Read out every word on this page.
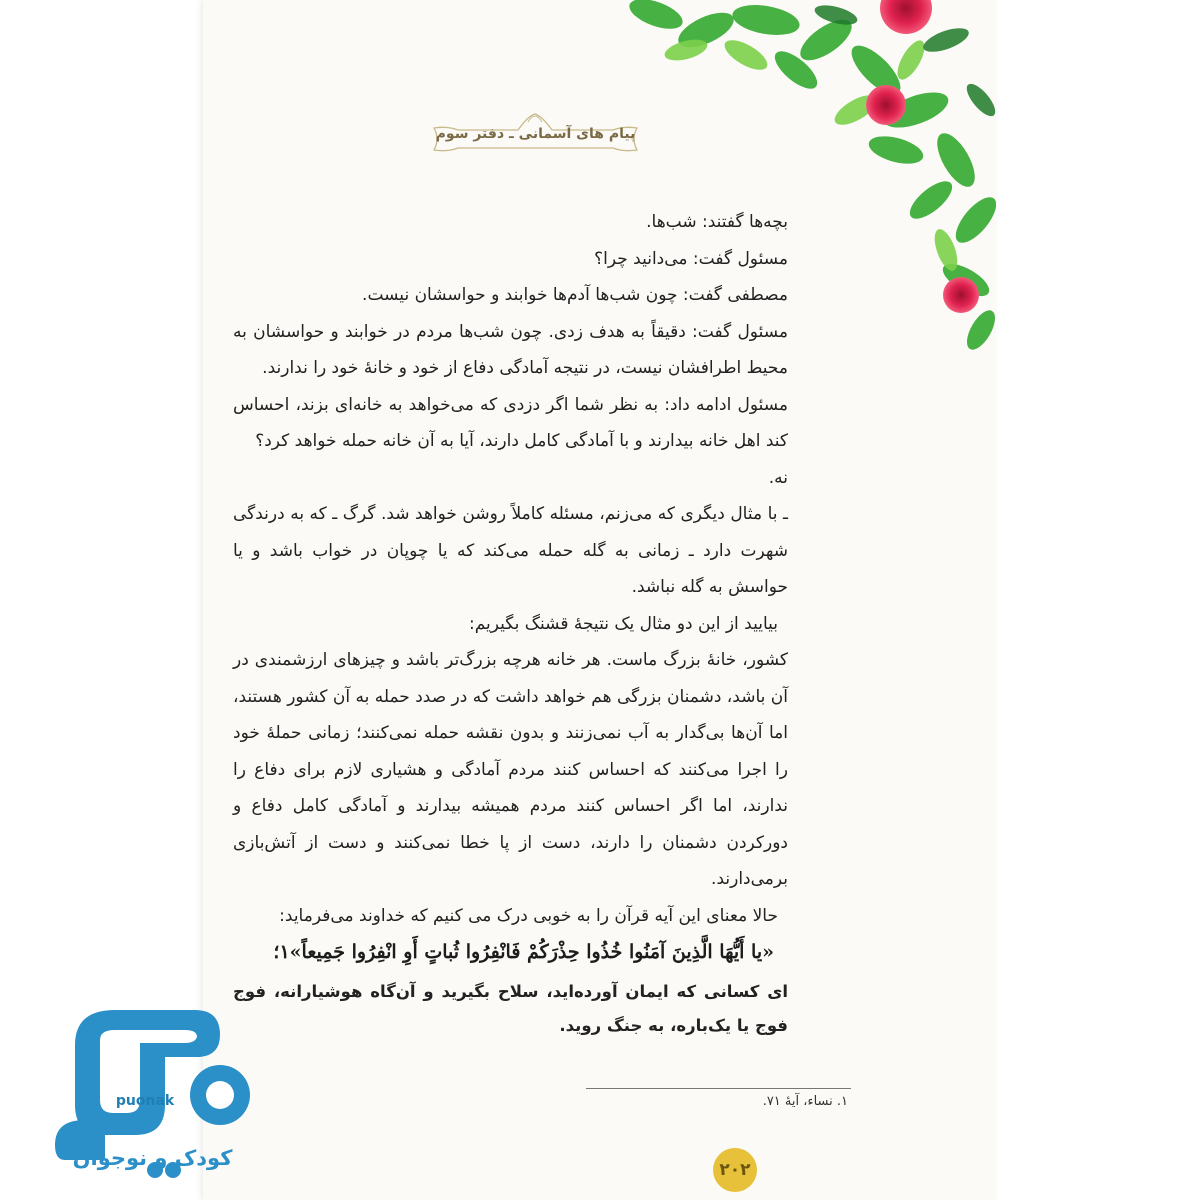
پیام های آسمانی ـ دفتر سوم

بچه‌ها گفتند: شب‌ها.

مسئول گفت: می‌دانید چرا؟

مصطفی گفت: چون شب‌ها آدم‌ها خوابند و حواسشان نیست.

مسئول گفت: دقیقاً به هدف زدی. چون شب‌ها مردم در خوابند و حواسشان به محیط اطرافشان نیست، در نتیجه آمادگی دفاع از خود و خانهٔ خود را ندارند.

مسئول ادامه داد: به نظر شما اگر دزدی که می‌خواهد به خانه‌ای بزند، احساس کند اهل خانه بیدارند و با آمادگی کامل دارند، آیا به آن خانه حمله خواهد کرد؟

نه.

ـ با مثال دیگری که می‌زنم، مسئله کاملاً روشن خواهد شد. گرگ ـ که به درندگی شهرت دارد ـ زمانی به گله حمله می‌کند که یا چوپان در خواب باشد و یا حواسش به گله نباشد.

بیایید از این دو مثال یک نتیجهٔ قشنگ بگیریم:

کشور، خانهٔ بزرگ ماست. هر خانه هرچه بزرگ‌تر باشد و چیزهای ارزشمندی در آن باشد، دشمنان بزرگی هم خواهد داشت که در صدد حمله به آن کشور هستند، اما آن‌ها بی‌گدار به آب نمی‌زنند و بدون نقشه حمله نمی‌کنند؛ زمانی حملهٔ خود را اجرا می‌کنند که احساس کنند مردم آمادگی و هشیاری لازم برای دفاع را ندارند، اما اگر احساس کنند مردم همیشه بیدارند و آمادگی کامل دفاع و دورکردن دشمنان را دارند، دست از پا خطا نمی‌کنند و دست از آتش‌بازی برمی‌دارند.

حالا معنای این آیه قرآن را به خوبی درک می کنیم که خداوند می‌فرماید:

«یا أَیُّهَا الَّذِینَ آمَنُوا خُذُوا حِذْرَکُمْ فَانْفِرُوا ثُباتٍ أَوِ انْفِرُوا جَمِیعاً»۱؛

ای کسانی که ایمان آورده‌اید، سلاح بگیرید و آن‌گاه هوشیارانه، فوج فوج یا یک‌باره، به جنگ روید.

۱. نساء، آیهٔ ۷۱.
۲۰۲
puonak
کودک و نوجوان
